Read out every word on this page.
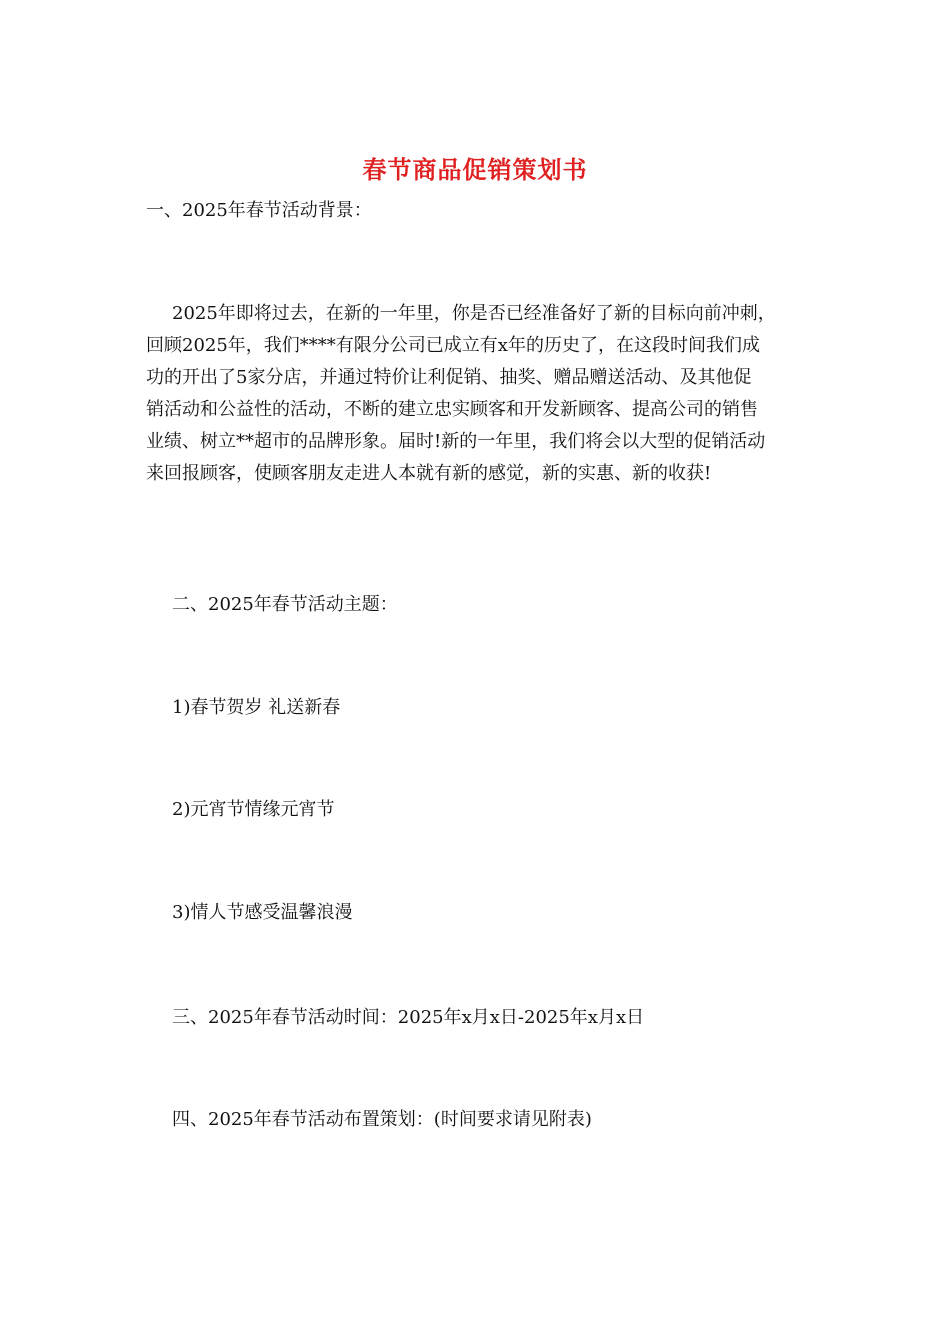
春节商品促销策划书
一、2025年春节活动背景：
2025年即将过去，在新的一年里，你是否已经准备好了新的目标向前冲刺，
回顾2025年，我们****有限分公司已成立有x年的历史了，在这段时间我们成
功的开出了5家分店，并通过特价让利促销、抽奖、赠品赠送活动、及其他促
销活动和公益性的活动，不断的建立忠实顾客和开发新顾客、提高公司的销售
业绩、树立**超市的品牌形象。届时!新的一年里，我们将会以大型的促销活动
来回报顾客，使顾客朋友走进人本就有新的感觉，新的实惠、新的收获!
二、2025年春节活动主题：
1)春节贺岁 礼送新春
2)元宵节情缘元宵节
3)情人节感受温馨浪漫
三、2025年春节活动时间：2025年x月x日-2025年x月x日
四、2025年春节活动布置策划：(时间要求请见附表)
